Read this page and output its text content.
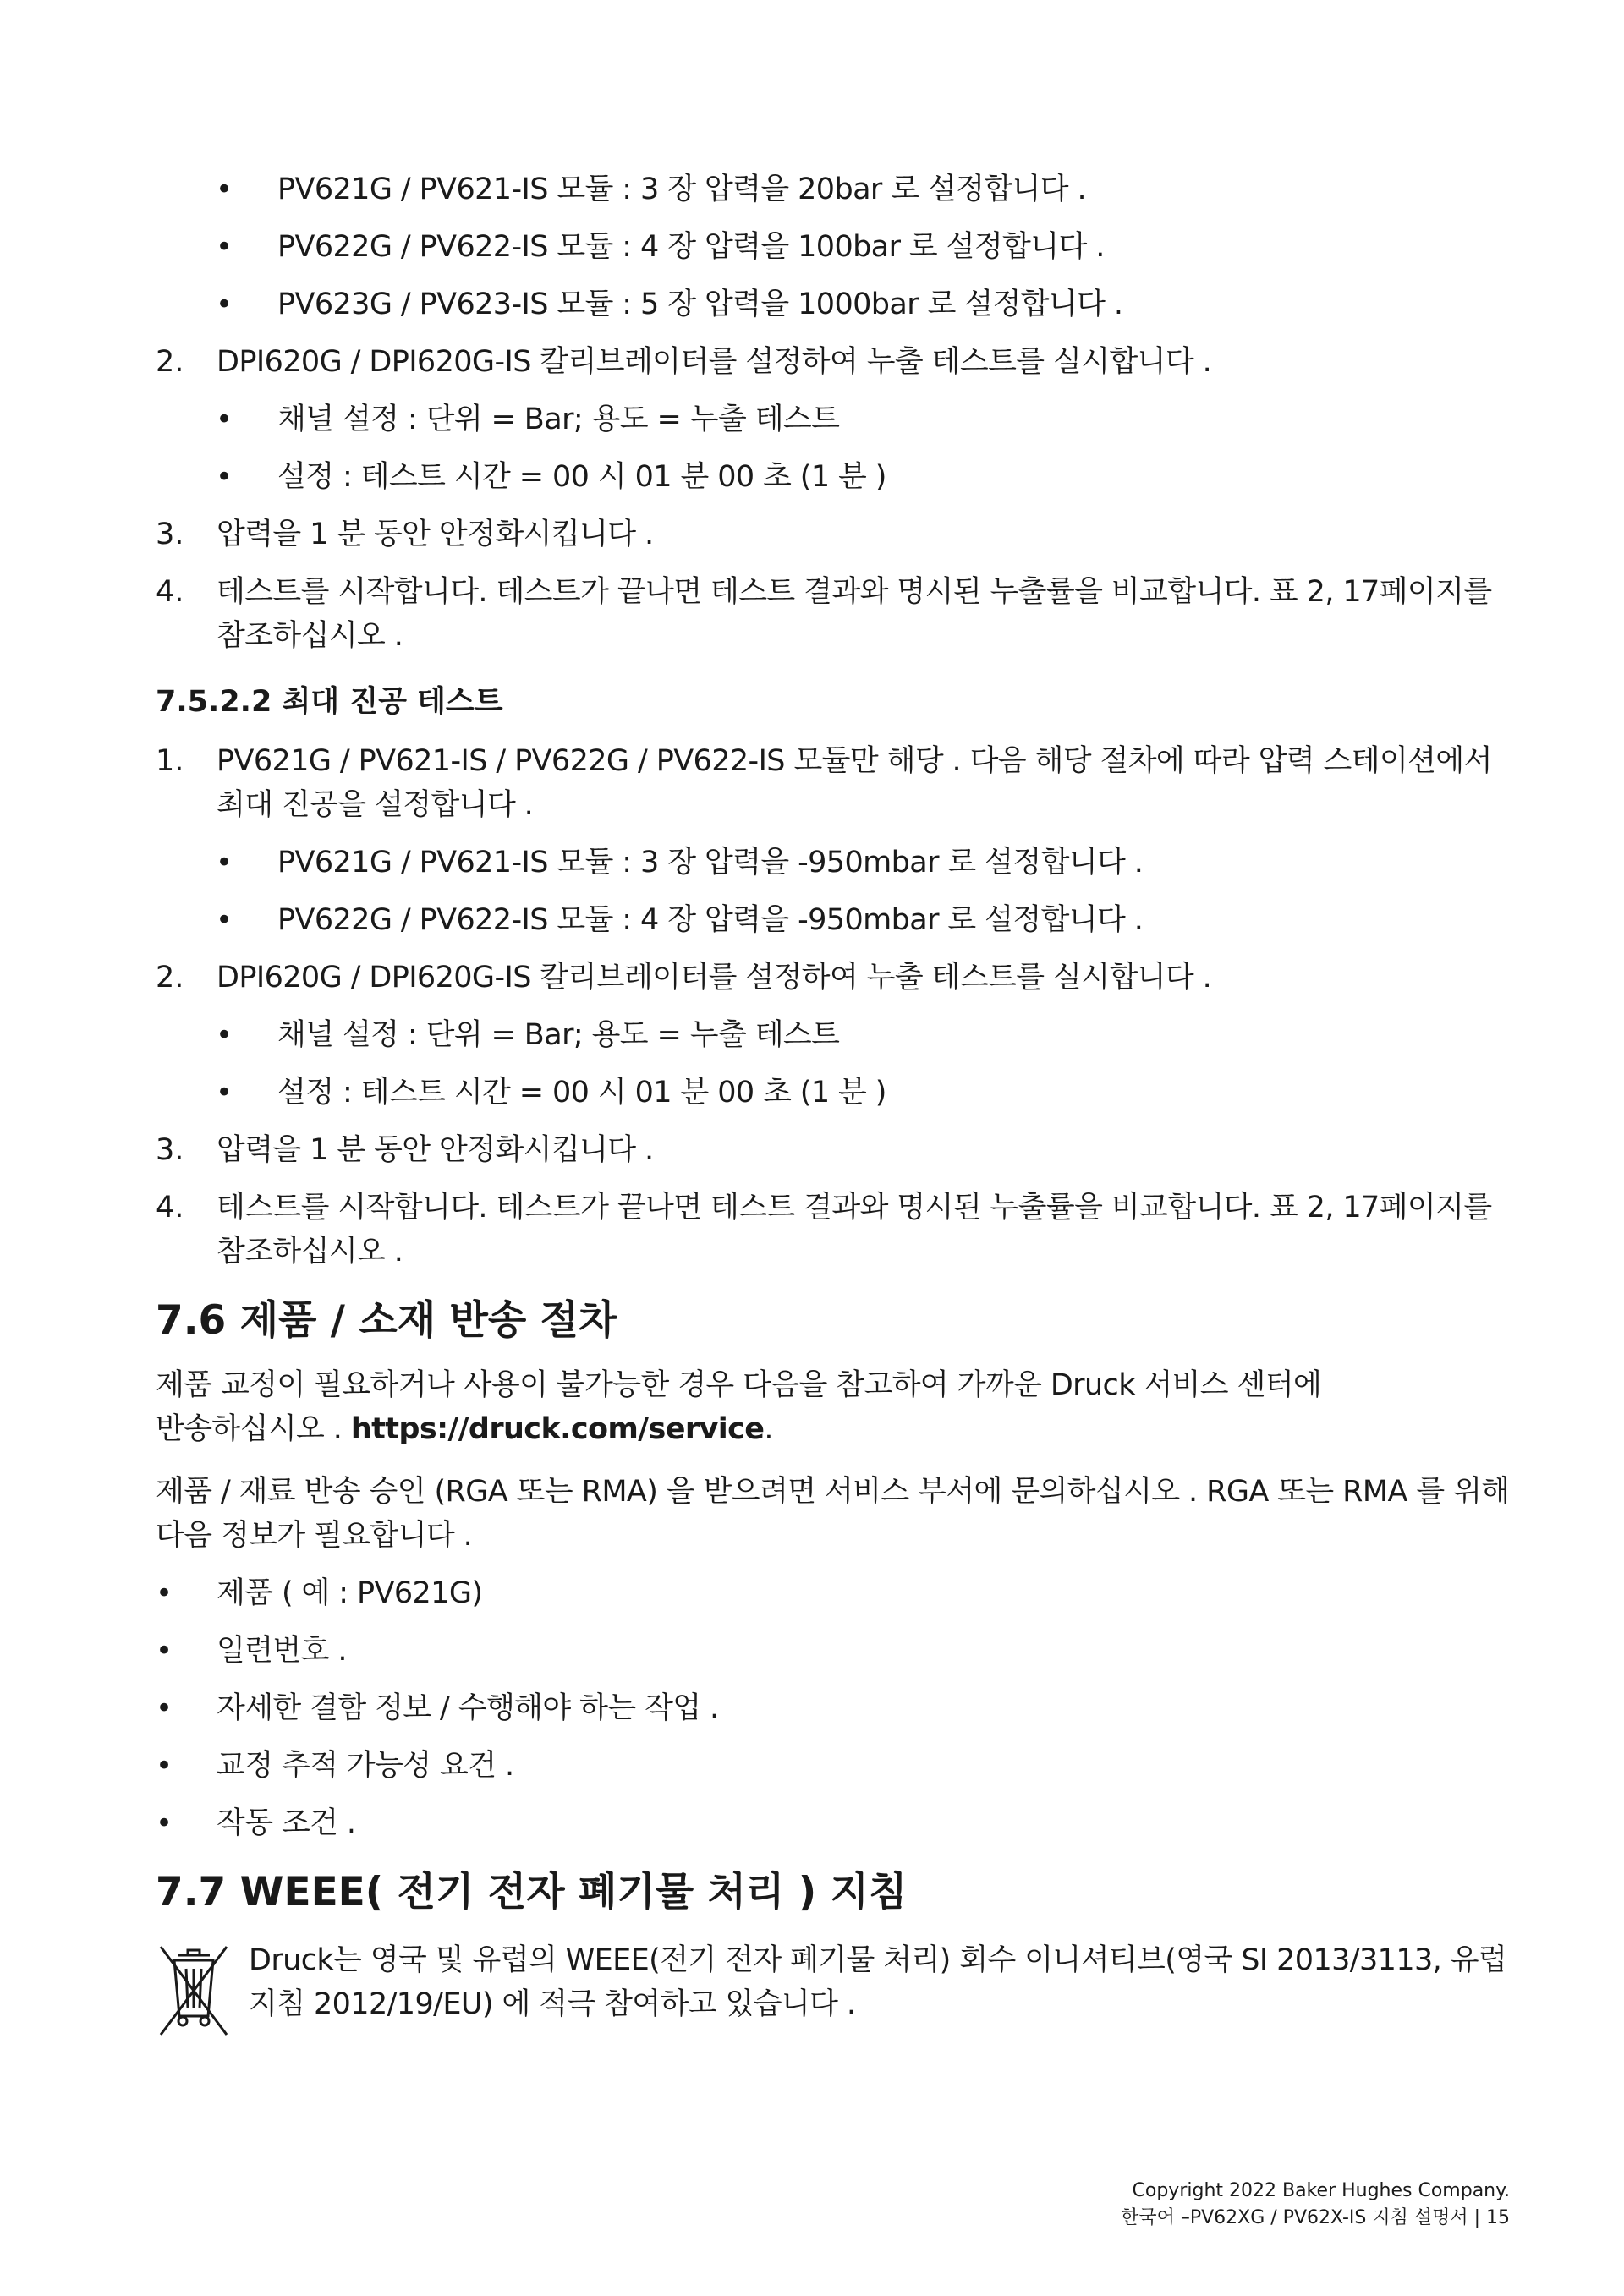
• PV621G / PV621-IS 모듈 : 3 장 압력을 20bar 로 설정합니다 .
• PV622G / PV622-IS 모듈 : 4 장 압력을 100bar 로 설정합니다 .
• PV623G / PV623-IS 모듈 : 5 장 압력을 1000bar 로 설정합니다 .
2. DPI620G / DPI620G-IS 칼리브레이터를 설정하여 누출 테스트를 실시합니다 .
• 채널 설정 : 단위 = Bar; 용도 = 누출 테스트
• 설정 : 테스트 시간 = 00 시 01 분 00 초 (1 분 )
3. 압력을 1 분 동안 안정화시킵니다 .
4. 테스트를 시작합니다. 테스트가 끝나면 테스트 결과와 명시된 누출률을 비교합니다. 표 2, 17페이지를
참조하십시오 .
7.5.2.2 최대 진공 테스트
1. PV621G / PV621-IS / PV622G / PV622-IS 모듈만 해당 . 다음 해당 절차에 따라 압력 스테이션에서
최대 진공을 설정합니다 .
• PV621G / PV621-IS 모듈 : 3 장 압력을 -950mbar 로 설정합니다 .
• PV622G / PV622-IS 모듈 : 4 장 압력을 -950mbar 로 설정합니다 .
2. DPI620G / DPI620G-IS 칼리브레이터를 설정하여 누출 테스트를 실시합니다 .
• 채널 설정 : 단위 = Bar; 용도 = 누출 테스트
• 설정 : 테스트 시간 = 00 시 01 분 00 초 (1 분 )
3. 압력을 1 분 동안 안정화시킵니다 .
4. 테스트를 시작합니다. 테스트가 끝나면 테스트 결과와 명시된 누출률을 비교합니다. 표 2, 17페이지를
참조하십시오 .
7.6 제품 / 소재 반송 절차
제품 교정이 필요하거나 사용이 불가능한 경우 다음을 참고하여 가까운 Druck 서비스 센터에
반송하십시오 . https://druck.com/service.
제품 / 재료 반송 승인 (RGA 또는 RMA) 을 받으려면 서비스 부서에 문의하십시오 . RGA 또는 RMA 를 위해
다음 정보가 필요합니다 .
• 제품 ( 예 : PV621G)
• 일련번호 .
• 자세한 결함 정보 / 수행해야 하는 작업 .
• 교정 추적 가능성 요건 .
• 작동 조건 .
7.7 WEEE( 전기 전자 폐기물 처리 ) 지침
Druck는 영국 및 유럽의 WEEE(전기 전자 폐기물 처리) 회수 이니셔티브(영국 SI 2013/3113, 유럽
지침 2012/19/EU) 에 적극 참여하고 있습니다 .
Copyright 2022 Baker Hughes Company.
한국어 –PV62XG / PV62X-IS 지침 설명서 | 15
